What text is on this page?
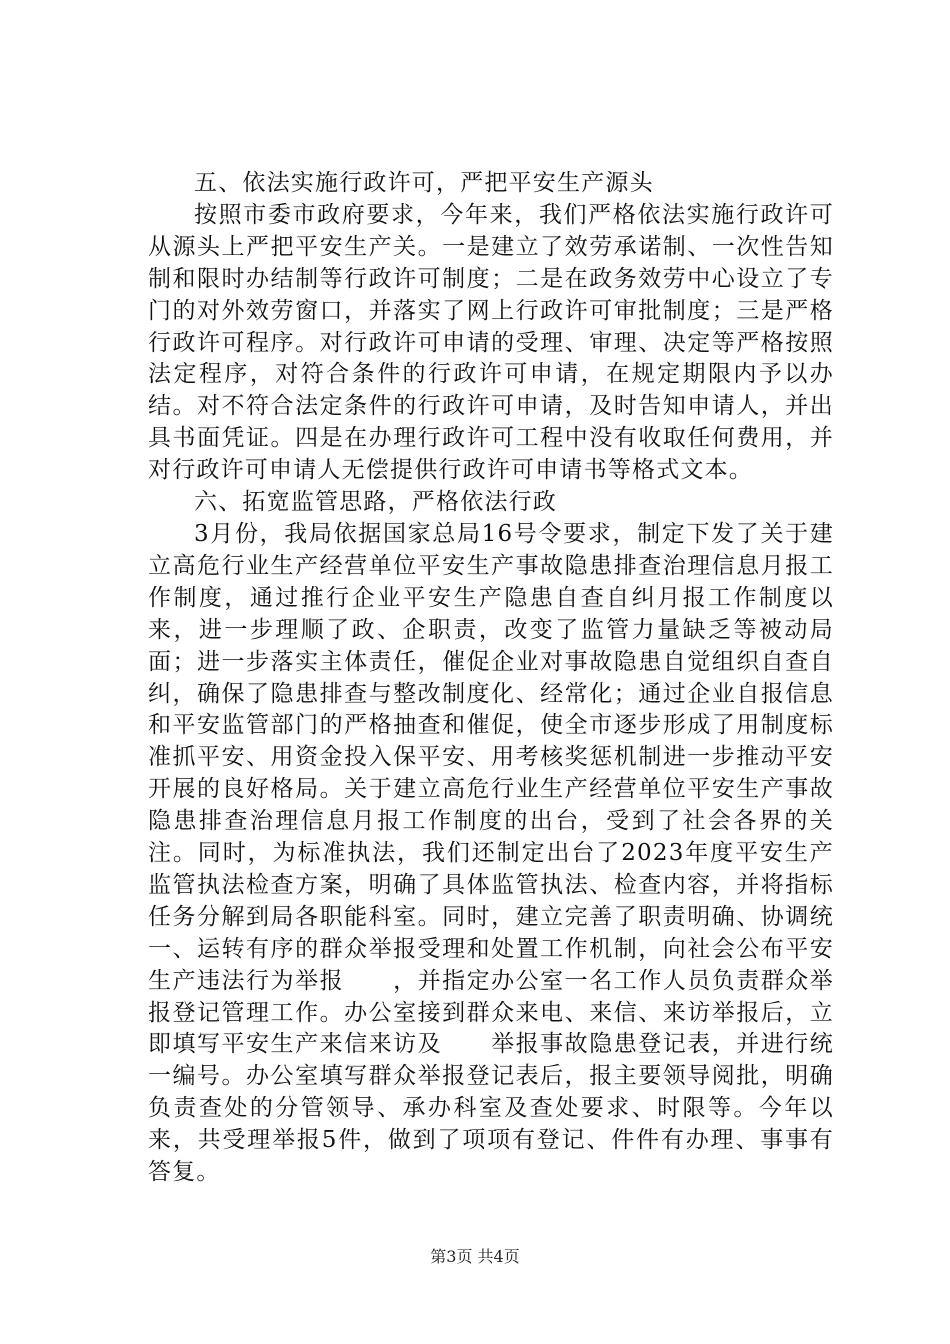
五、依法实施行政许可，严把平安生产源头

按照市委市政府要求，今年来，我们严格依法实施行政许可从源头上严把平安生产关。一是建立了效劳承诺制、一次性告知制和限时办结制等行政许可制度；二是在政务效劳中心设立了专门的对外效劳窗口，并落实了网上行政许可审批制度；三是严格行政许可程序。对行政许可申请的受理、审理、决定等严格按照法定程序，对符合条件的行政许可申请，在规定期限内予以办结。对不符合法定条件的行政许可申请，及时告知申请人，并出具书面凭证。四是在办理行政许可工程中没有收取任何费用，并对行政许可申请人无偿提供行政许可申请书等格式文本。

六、拓宽监管思路，严格依法行政

3月份，我局依据国家总局16号令要求，制定下发了关于建立高危行业生产经营单位平安生产事故隐患排查治理信息月报工作制度，通过推行企业平安生产隐患自查自纠月报工作制度以来，进一步理顺了政、企职责，改变了监管力量缺乏等被动局面；进一步落实主体责任，催促企业对事故隐患自觉组织自查自纠，确保了隐患排查与整改制度化、经常化；通过企业自报信息和平安监管部门的严格抽查和催促，使全市逐步形成了用制度标准抓平安、用资金投入保平安、用考核奖惩机制进一步推动平安开展的良好格局。关于建立高危行业生产经营单位平安生产事故隐患排查治理信息月报工作制度的出台，受到了社会各界的关注。同时，为标准执法，我们还制定出台了2023年度平安生产监管执法检查方案，明确了具体监管执法、检查内容，并将指标任务分解到局各职能科室。同时，建立完善了职责明确、协调统一、运转有序的群众举报受理和处置工作机制，向社会公布平安生产违法行为举报　　，并指定办公室一名工作人员负责群众举报登记管理工作。办公室接到群众来电、来信、来访举报后，立即填写平安生产来信来访及　　举报事故隐患登记表，并进行统一编号。办公室填写群众举报登记表后，报主要领导阅批，明确负责查处的分管领导、承办科室及查处要求、时限等。今年以来，共受理举报5件，做到了项项有登记、件件有办理、事事有答复。

第3页 共4页
